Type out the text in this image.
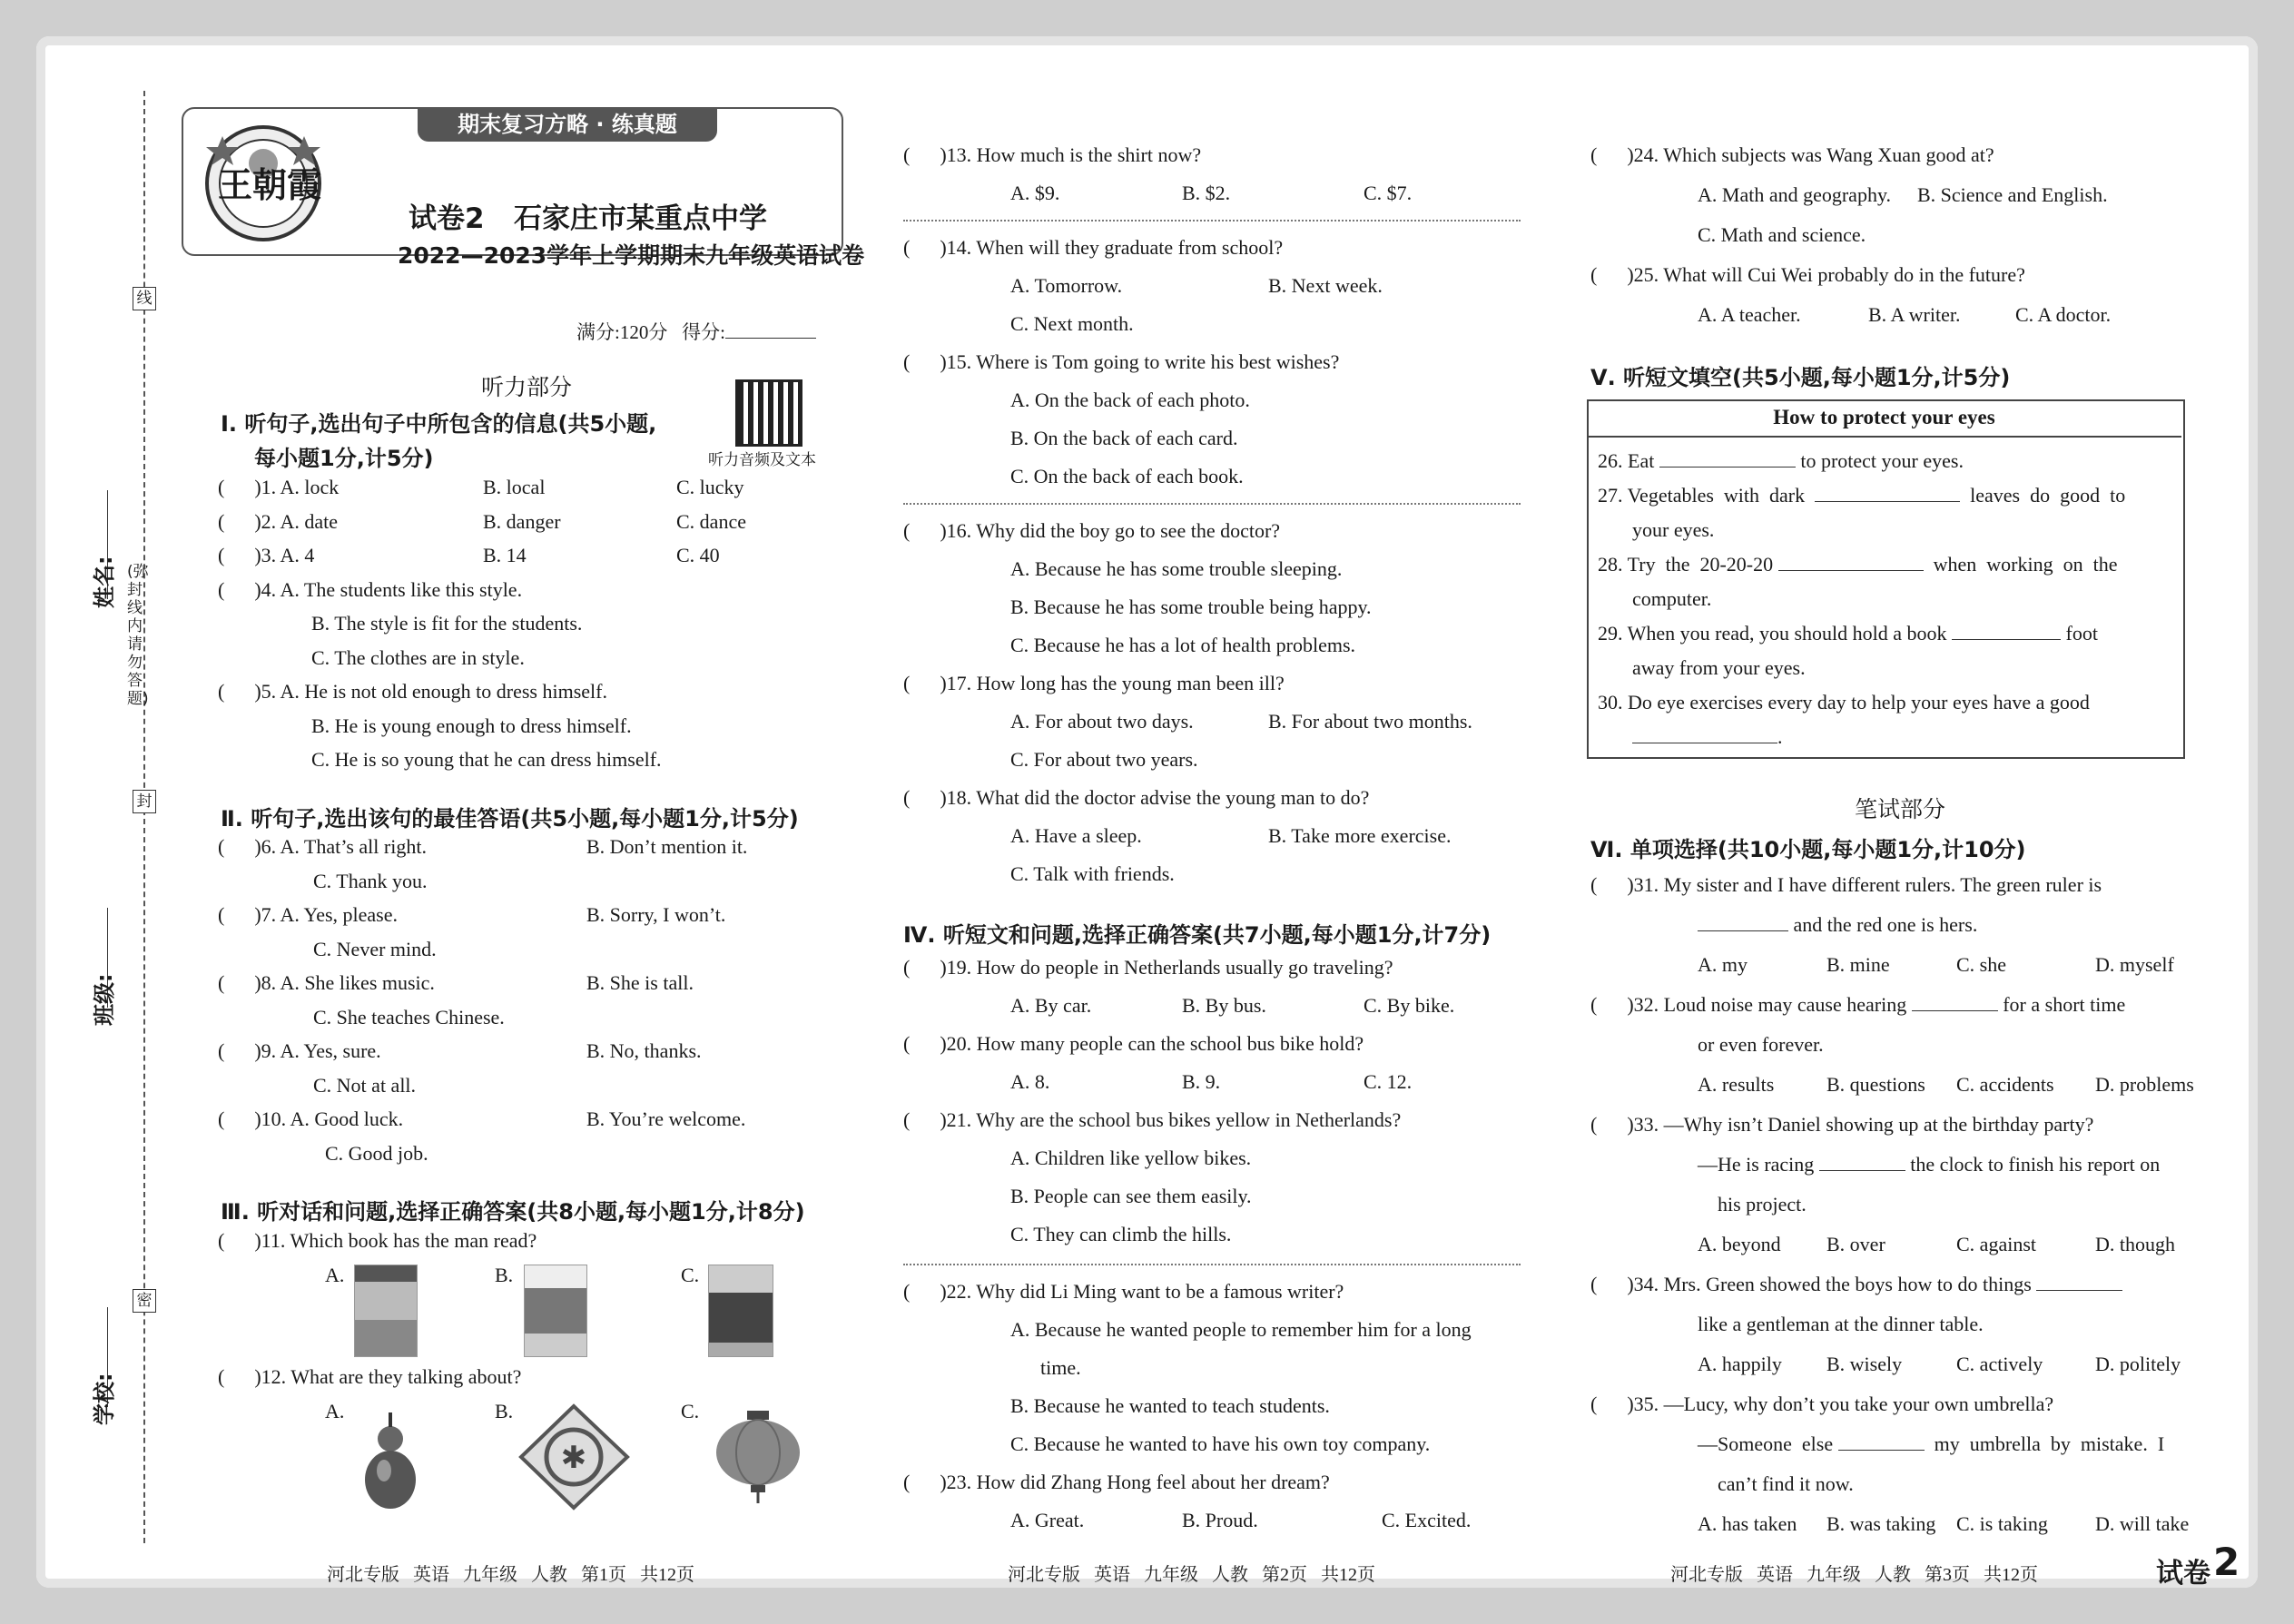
线
封
密
(弥封线内请勿答题)
姓名:
班级:
学校:
期末复习方略 · 练真题
王朝霞
试卷2   石家庄市某重点中学
2022—2023学年上学期期末九年级英语试卷
满分:120分   得分:
听力部分
听力音频及文本
Ⅰ. 听句子,选出句子中所包含的信息(共5小题,
每小题1分,计5分)
(      )1. A. lock	B. local	C. lucky
(      )2. A. date	B. danger	C. dance
(      )3. A. 4	B. 14	C. 40
(      )4. A. The students like this style.
B. The style is fit for the students.
C. The clothes are in style.
(      )5. A. He is not old enough to dress himself.
B. He is young enough to dress himself.
C. He is so young that he can dress himself.
Ⅱ. 听句子,选出该句的最佳答语(共5小题,每小题1分,计5分)
(      )6. A. That’s all right.	B. Don’t mention it.
C. Thank you.
(      )7. A. Yes, please.	B. Sorry, I won’t.
C. Never mind.
(      )8. A. She likes music.	B. She is tall.
C. She teaches Chinese.
(      )9. A. Yes, sure.	B. No, thanks.
C. Not at all.
(      )10. A. Good luck.	B. You’re welcome.
C. Good job.
Ⅲ. 听对话和问题,选择正确答案(共8小题,每小题1分,计8分)
(      )11. Which book has the man read?
A.	B.	C.
(      )12. What are they talking about?
A.	B.
✱
C.
河北专版   英语   九年级   人教   第1页   共12页
(      )13. How much is the shirt now?
A. $9.	B. $2.	C. $7.
(      )14. When will they graduate from school?
A. Tomorrow.	B. Next week.
C. Next month.
(      )15. Where is Tom going to write his best wishes?
A. On the back of each photo.
B. On the back of each card.
C. On the back of each book.
(      )16. Why did the boy go to see the doctor?
A. Because he has some trouble sleeping.
B. Because he has some trouble being happy.
C. Because he has a lot of health problems.
(      )17. How long has the young man been ill?
A. For about two days.	B. For about two months.
C. For about two years.
(      )18. What did the doctor advise the young man to do?
A. Have a sleep.	B. Take more exercise.
C. Talk with friends.
Ⅳ. 听短文和问题,选择正确答案(共7小题,每小题1分,计7分)
(      )19. How do people in Netherlands usually go traveling?
A. By car.	B. By bus.	C. By bike.
(      )20. How many people can the school bus bike hold?
A. 8.	B. 9.	C. 12.
(      )21. Why are the school bus bikes yellow in Netherlands?
A. Children like yellow bikes.
B. People can see them easily.
C. They can climb the hills.
(      )22. Why did Li Ming want to be a famous writer?
A. Because he wanted people to remember him for a long
time.
B. Because he wanted to teach students.
C. Because he wanted to have his own toy company.
(      )23. How did Zhang Hong feel about her dream?
A. Great.	B. Proud.	C. Excited.
河北专版   英语   九年级   人教   第2页   共12页
(      )24. Which subjects was Wang Xuan good at?
A. Math and geography. B. Science and English.
C. Math and science.
(      )25. What will Cui Wei probably do in the future?
A. A teacher.	B. A writer.	C. A doctor.
Ⅴ. 听短文填空(共5小题,每小题1分,计5分)
How to protect your eyes
26. Eat	to protect your eyes.
27. Vegetables  with  dark	leaves  do  good  to
your eyes.
28. Try  the  20-20-20	when  working  on  the
computer.
29. When you read, you should hold a book	foot
away from your eyes.
30. Do eye exercises every day to help your eyes have a good
.
笔试部分
Ⅵ. 单项选择(共10小题,每小题1分,计10分)
(      )31. My sister and I have different rulers. The green ruler is
and the red one is hers.
A. my	B. mine	C. she	D. myself
(      )32. Loud noise may cause hearing	for a short time
or even forever.
A. results	B. questions C. accidents D. problems
(      )33. —Why isn’t Daniel showing up at the birthday party?
—He is racing	the clock to finish his report on
his project.
A. beyond B. over	C. against	D. though
(      )34. Mrs. Green showed the boys how to do things
like a gentleman at the dinner table.
A. happily B. wisely	C. actively	D. politely
(      )35. —Lucy, why don’t you take your own umbrella?
—Someone  else	my  umbrella  by  mistake.  I
can’t find it now.
A. has taken B. was taking C. is taking D. will take
河北专版   英语   九年级   人教   第3页   共12页	试卷 2
